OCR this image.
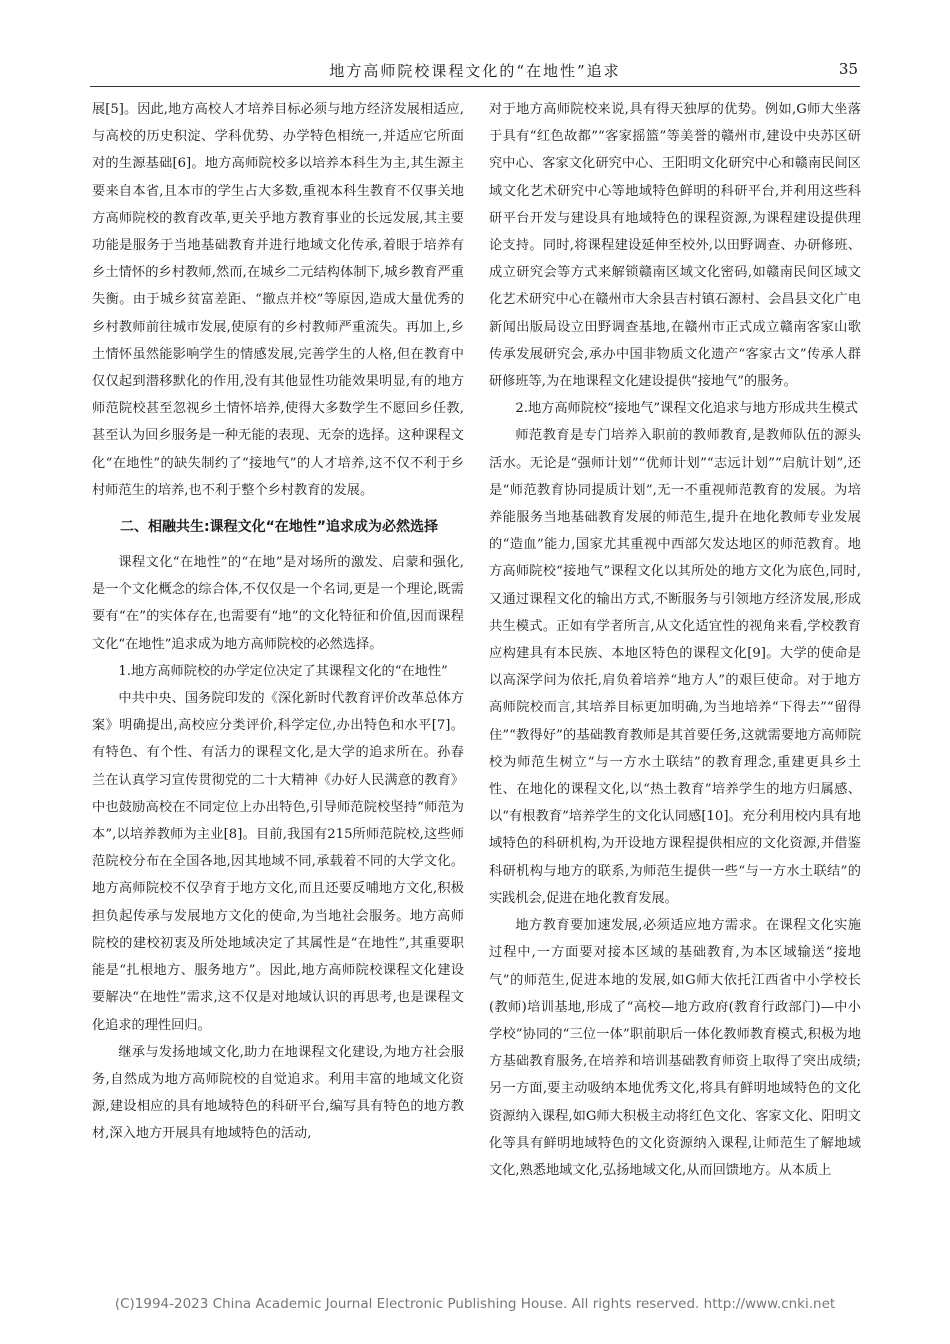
地方高师院校课程文化的“在地性”追求	35

展[5]。因此,地方高校人才培养目标必须与地方经济发展相适应,与高校的历史积淀、学科优势、办学特色相统一,并适应它所面对的生源基础[6]。地方高师院校多以培养本科生为主,其生源主要来自本省,且本市的学生占大多数,重视本科生教育不仅事关地方高师院校的教育改革,更关乎地方教育事业的长远发展,其主要功能是服务于当地基础教育并进行地域文化传承,着眼于培养有乡土情怀的乡村教师,然而,在城乡二元结构体制下,城乡教育严重失衡。由于城乡贫富差距、“撤点并校”等原因,造成大量优秀的乡村教师前往城市发展,使原有的乡村教师严重流失。再加上,乡土情怀虽然能影响学生的情感发展,完善学生的人格,但在教育中仅仅起到潜移默化的作用,没有其他显性功能效果明显,有的地方师范院校甚至忽视乡土情怀培养,使得大多数学生不愿回乡任教,甚至认为回乡服务是一种无能的表现、无奈的选择。这种课程文化“在地性”的缺失制约了“接地气”的人才培养,这不仅不利于乡村师范生的培养,也不利于整个乡村教育的发展。

二、相融共生:课程文化“在地性”追求成为必然选择

课程文化“在地性”的“在地”是对场所的激发、启蒙和强化,是一个文化概念的综合体,不仅仅是一个名词,更是一个理论,既需要有“在”的实体存在,也需要有“地”的文化特征和价值,因而课程文化“在地性”追求成为地方高师院校的必然选择。

1.地方高师院校的办学定位决定了其课程文化的“在地性”

中共中央、国务院印发的《深化新时代教育评价改革总体方案》明确提出,高校应分类评价,科学定位,办出特色和水平[7]。有特色、有个性、有活力的课程文化,是大学的追求所在。孙春兰在认真学习宣传贯彻党的二十大精神《办好人民满意的教育》中也鼓励高校在不同定位上办出特色,引导师范院校坚持“师范为本”,以培养教师为主业[8]。目前,我国有215所师范院校,这些师范院校分布在全国各地,因其地域不同,承载着不同的大学文化。地方高师院校不仅孕育于地方文化,而且还要反哺地方文化,积极担负起传承与发展地方文化的使命,为当地社会服务。地方高师院校的建校初衷及所处地域决定了其属性是“在地性”,其重要职能是“扎根地方、服务地方”。因此,地方高师院校课程文化建设要解决“在地性”需求,这不仅是对地域认识的再思考,也是课程文化追求的理性回归。

继承与发扬地域文化,助力在地课程文化建设,为地方社会服务,自然成为地方高师院校的自觉追求。利用丰富的地域文化资源,建设相应的具有地域特色的科研平台,编写具有特色的地方教材,深入地方开展具有地域特色的活动,

对于地方高师院校来说,具有得天独厚的优势。例如,G师大坐落于具有“红色故都”“客家摇篮”等美誉的赣州市,建设中央苏区研究中心、客家文化研究中心、王阳明文化研究中心和赣南民间区域文化艺术研究中心等地域特色鲜明的科研平台,并利用这些科研平台开发与建设具有地域特色的课程资源,为课程建设提供理论支持。同时,将课程建设延伸至校外,以田野调查、办研修班、成立研究会等方式来解锁赣南区域文化密码,如赣南民间区域文化艺术研究中心在赣州市大余县吉村镇石源村、会昌县文化广电新闻出版局设立田野调查基地,在赣州市正式成立赣南客家山歌传承发展研究会,承办中国非物质文化遗产“客家古文”传承人群研修班等,为在地课程文化建设提供“接地气”的服务。

2.地方高师院校“接地气”课程文化追求与地方形成共生模式

师范教育是专门培养入职前的教师教育,是教师队伍的源头活水。无论是“强师计划”“优师计划”“志远计划”“启航计划”,还是“师范教育协同提质计划”,无一不重视师范教育的发展。为培养能服务当地基础教育发展的师范生,提升在地化教师专业发展的“造血”能力,国家尤其重视中西部欠发达地区的师范教育。地方高师院校“接地气”课程文化以其所处的地方文化为底色,同时,又通过课程文化的输出方式,不断服务与引领地方经济发展,形成共生模式。正如有学者所言,从文化适宜性的视角来看,学校教育应构建具有本民族、本地区特色的课程文化[9]。大学的使命是以高深学问为依托,肩负着培养“地方人”的艰巨使命。对于地方高师院校而言,其培养目标更加明确,为当地培养“下得去”“留得住”“教得好”的基础教育教师是其首要任务,这就需要地方高师院校为师范生树立“与一方水土联结”的教育理念,重建更具乡土性、在地化的课程文化,以“热土教育”培养学生的地方归属感、以“有根教育”培养学生的文化认同感[10]。充分利用校内具有地域特色的科研机构,为开设地方课程提供相应的文化资源,并借鉴科研机构与地方的联系,为师范生提供一些“与一方水土联结”的实践机会,促进在地化教育发展。

地方教育要加速发展,必须适应地方需求。在课程文化实施过程中,一方面要对接本区域的基础教育,为本区域输送“接地气”的师范生,促进本地的发展,如G师大依托江西省中小学校长(教师)培训基地,形成了“高校—地方政府(教育行政部门)—中小学校”协同的“三位一体”职前职后一体化教师教育模式,积极为地方基础教育服务,在培养和培训基础教育师资上取得了突出成绩;另一方面,要主动吸纳本地优秀文化,将具有鲜明地域特色的文化资源纳入课程,如G师大积极主动将红色文化、客家文化、阳明文化等具有鲜明地域特色的文化资源纳入课程,让师范生了解地域文化,熟悉地域文化,弘扬地域文化,从而回馈地方。从本质上

(C)1994-2023 China Academic Journal Electronic Publishing House. All rights reserved. http://www.cnki.net
